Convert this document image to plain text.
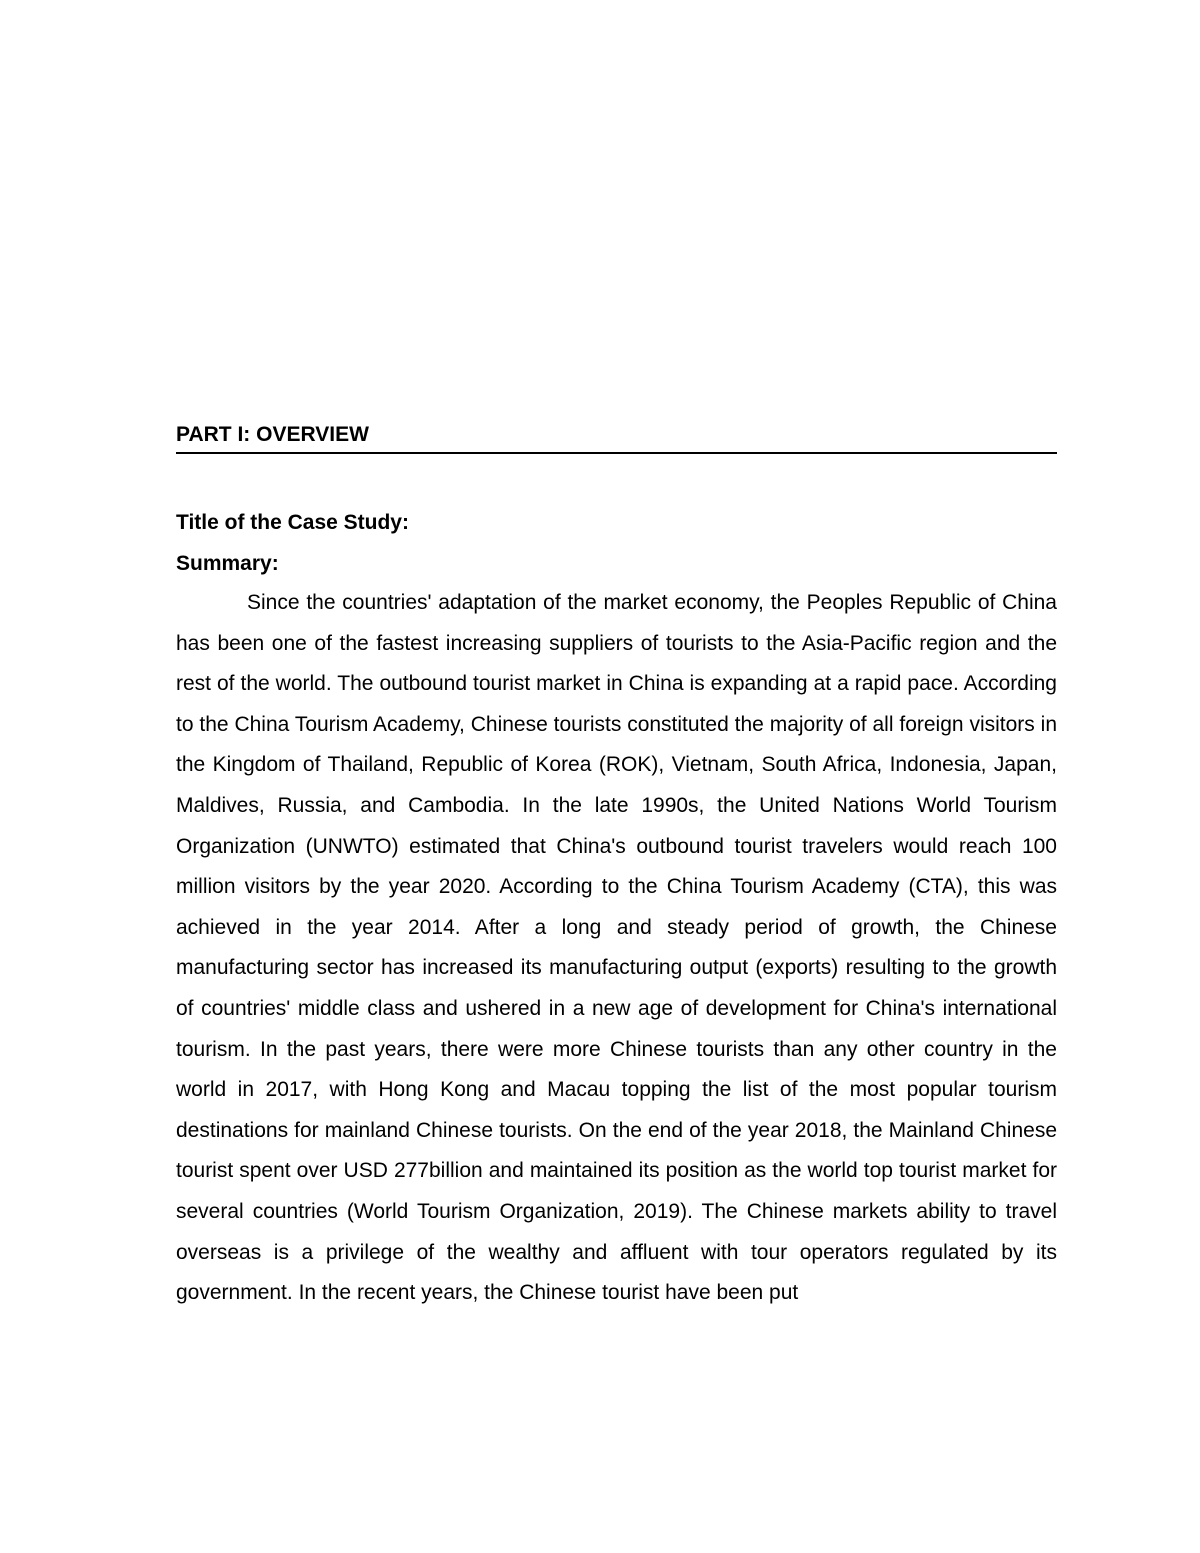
PART I: OVERVIEW

Title of the Case Study:

Summary:

Since the countries' adaptation of the market economy, the Peoples Republic of China has been one of the fastest increasing suppliers of tourists to the Asia-Pacific region and the rest of the world. The outbound tourist market in China is expanding at a rapid pace. According to the China Tourism Academy, Chinese tourists constituted the majority of all foreign visitors in the Kingdom of Thailand, Republic of Korea (ROK), Vietnam, South Africa, Indonesia, Japan, Maldives, Russia, and Cambodia. In the late 1990s, the United Nations World Tourism Organization (UNWTO) estimated that China's outbound tourist travelers would reach 100 million visitors by the year 2020. According to the China Tourism Academy (CTA), this was achieved in the year 2014. After a long and steady period of growth, the Chinese manufacturing sector has increased its manufacturing output (exports) resulting to the growth of countries' middle class and ushered in a new age of development for China's international tourism. In the past years, there were more Chinese tourists than any other country in the world in 2017, with Hong Kong and Macau topping the list of the most popular tourism destinations for mainland Chinese tourists. On the end of the year 2018, the Mainland Chinese tourist spent over USD 277billion and maintained its position as the world top tourist market for several countries (World Tourism Organization, 2019). The Chinese markets ability to travel overseas is a privilege of the wealthy and affluent with tour operators regulated by its government. In the recent years, the Chinese tourist have been put
